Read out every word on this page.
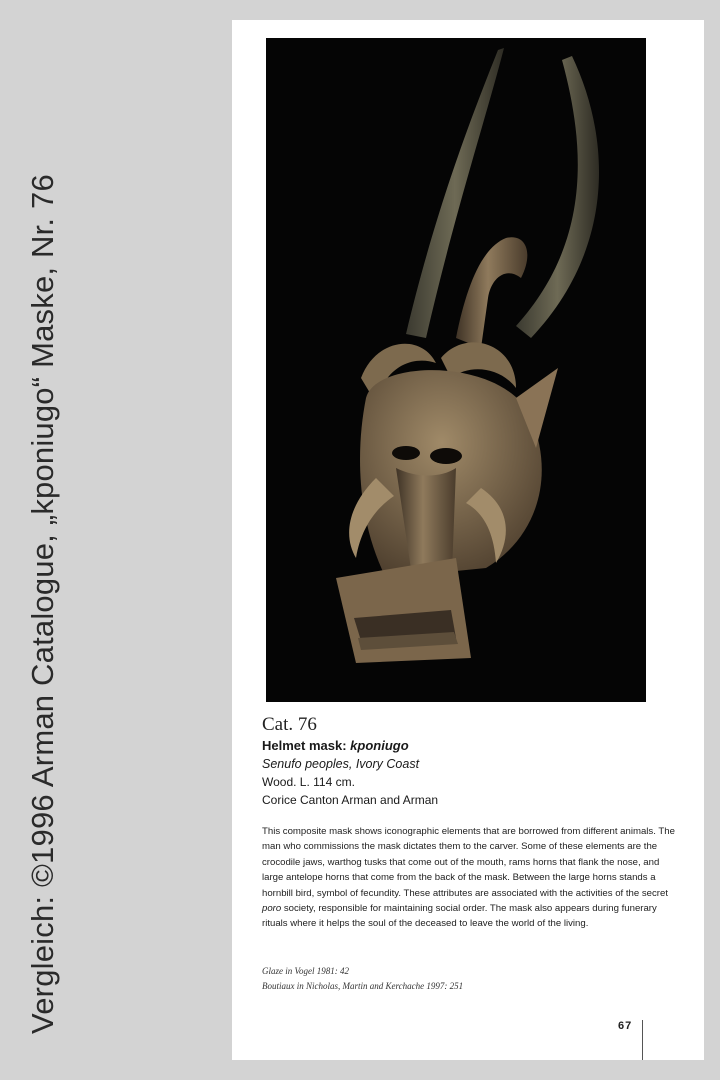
Vergleich: ©1996 Arman Catalogue, „kponiugo“ Maske, Nr. 76	Cat. 76
Helmet mask: kponiugo
Senufo peoples, Ivory Coast
Wood. L. 114 cm.
Corice Canton Arman and Arman

This composite mask shows iconographic elements that are borrowed from different animals. The man who commissions the mask dictates them to the carver. Some of these elements are the crocodile jaws, warthog tusks that come out of the mouth, rams horns that flank the nose, and large antelope horns that come from the back of the mask. Between the large horns stands a hornbill bird, symbol of fecundity. These attributes are associated with the activities of the secret poro society, responsible for maintaining social order. The mask also appears during funerary rituals where it helps the soul of the deceased to leave the world of the living.

Glaze in Vogel 1981: 42
Boutiaux in Nicholas, Martin and Kerchache 1997: 251
67
